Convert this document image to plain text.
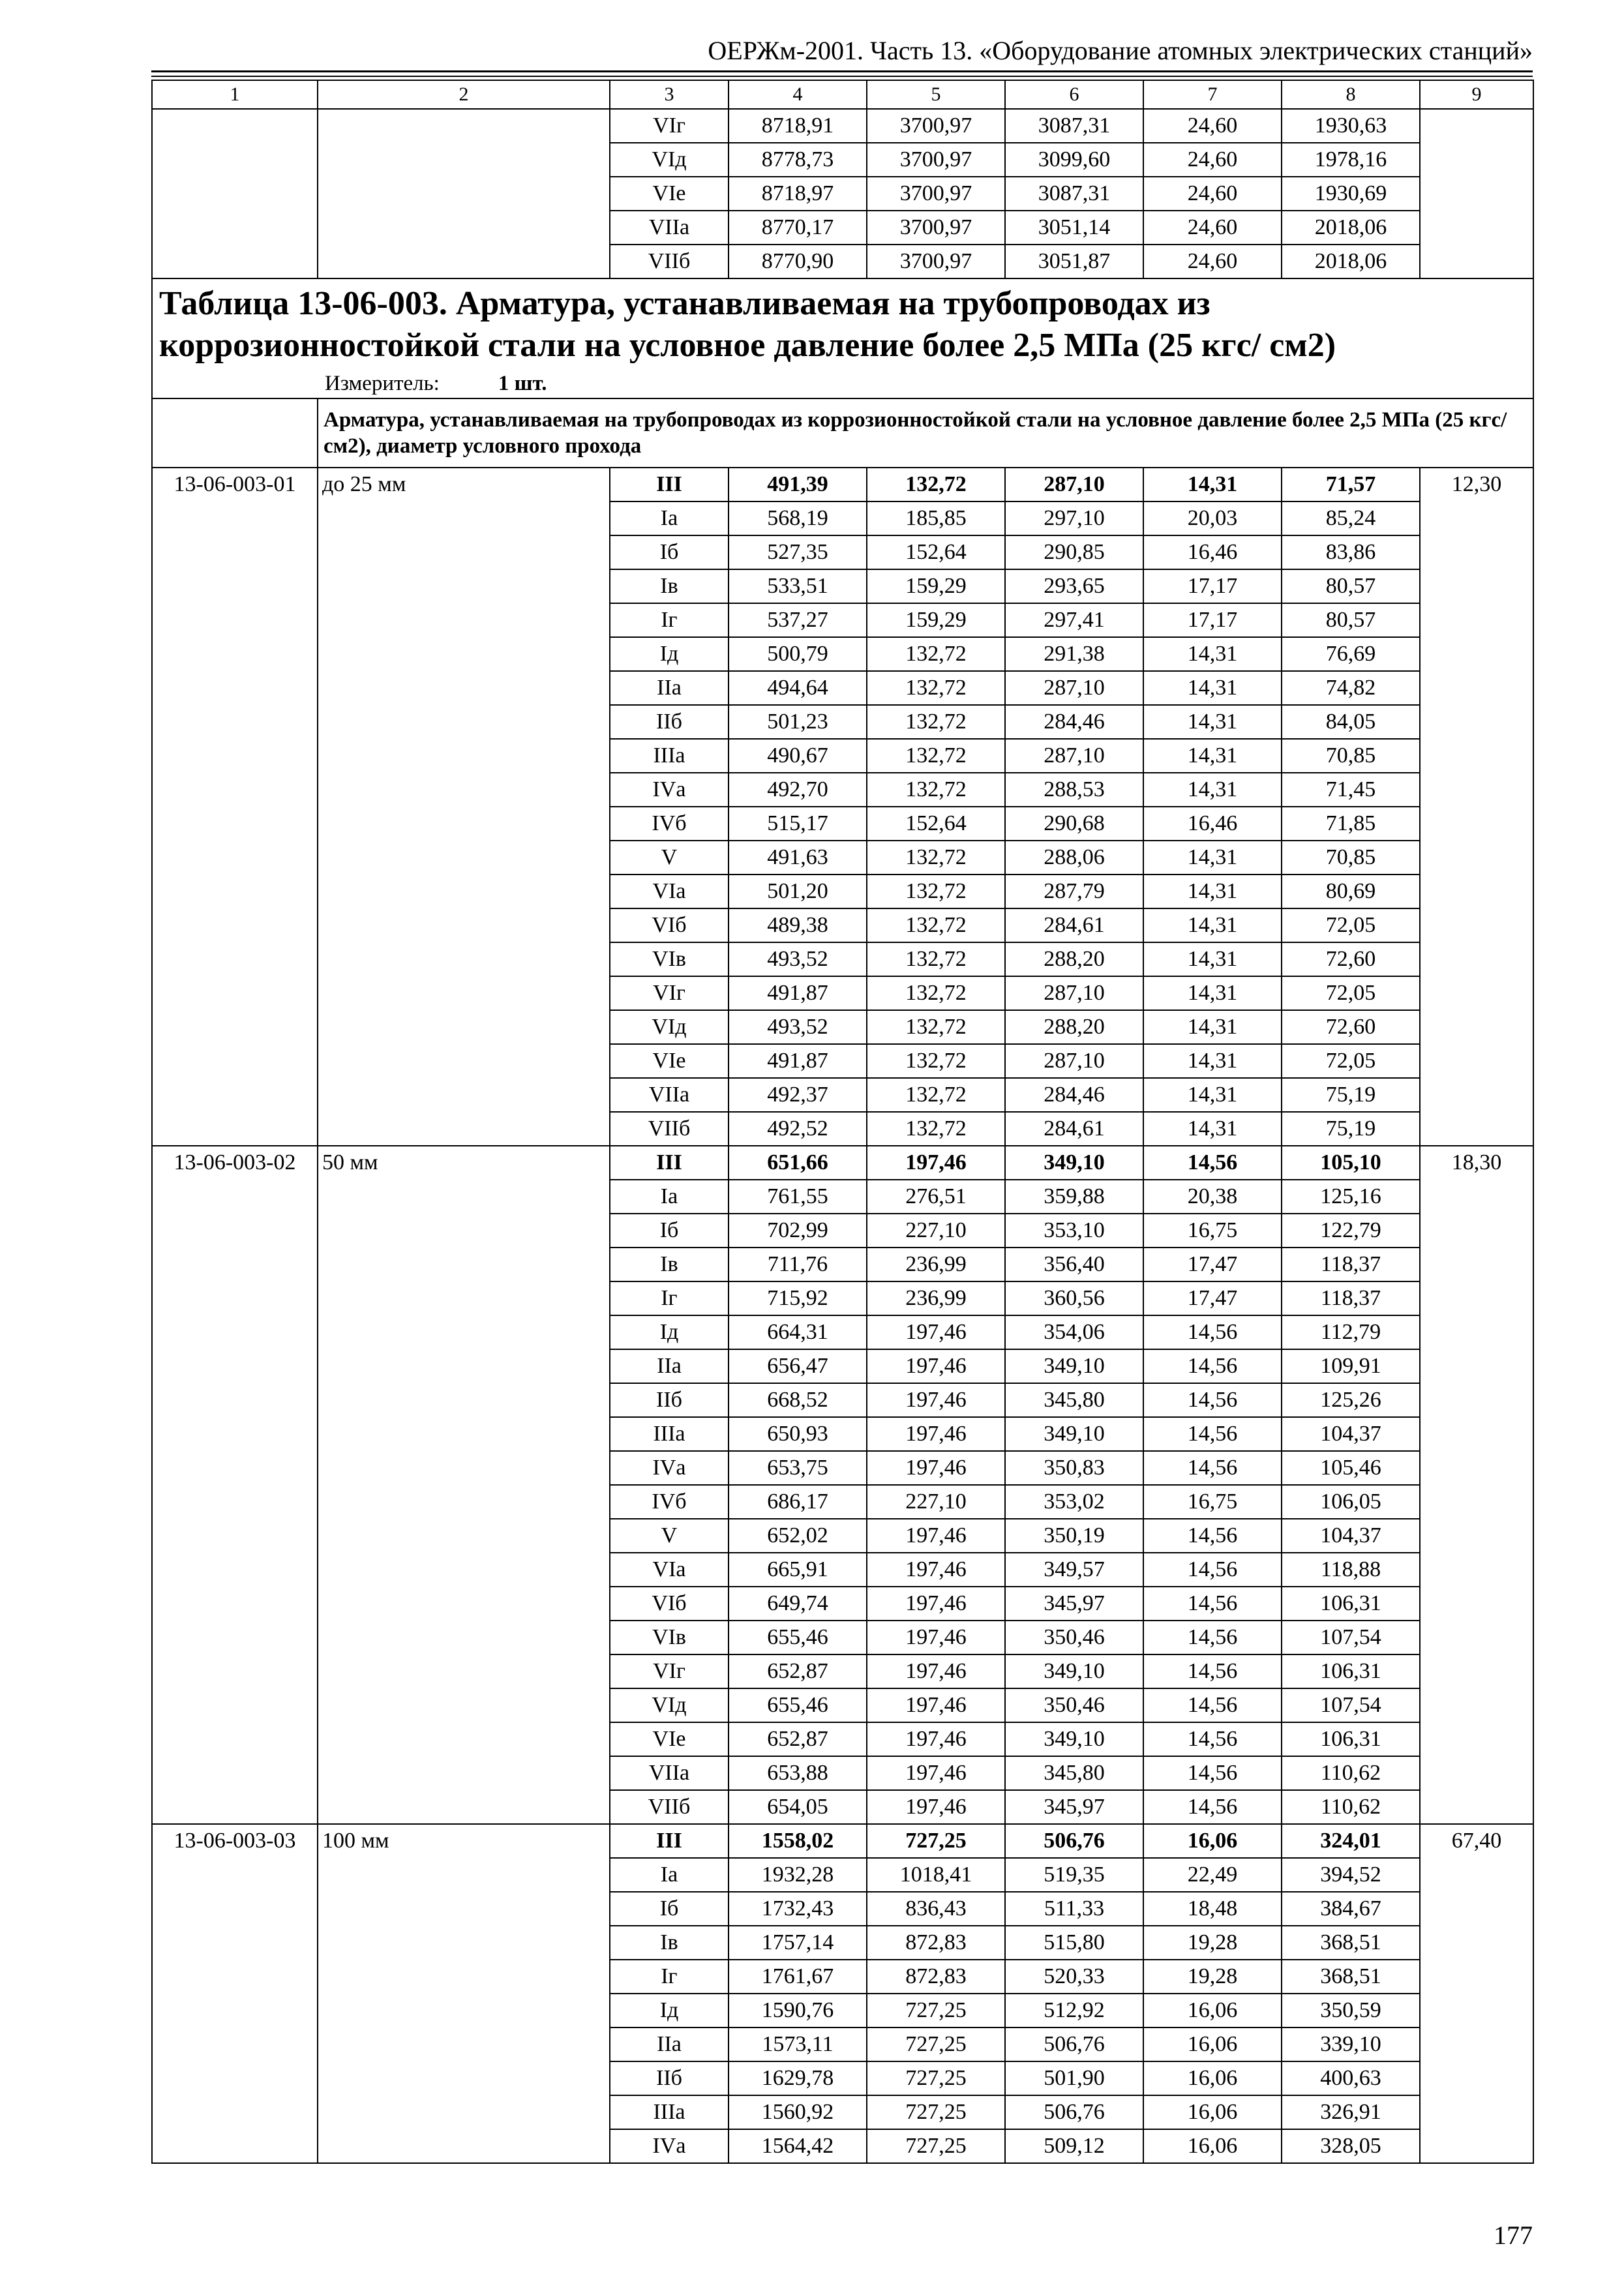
ОЕРЖм-2001. Часть 13. «Оборудование атомных электрических станций»
1	2	3	4	5	6	7	8	9
		VIг	8718,91	3700,97	3087,31	24,60	1930,63	
		VIд	8778,73	3700,97	3099,60	24,60	1978,16	
		VIе	8718,97	3700,97	3087,31	24,60	1930,69	
		VIIа	8770,17	3700,97	3051,14	24,60	2018,06	
		VIIб	8770,90	3700,97	3051,87	24,60	2018,06	
Таблица 13-06-003. Арматура, устанавливаемая на трубопроводах из коррозионностойкой стали на условное давление более 2,5 МПа (25 кгс/ см2)								
Измеритель: 1 шт.								
	Арматура, устанавливаемая на трубопроводах из коррозионностойкой стали на условное давление более 2,5 МПа (25 кгс/ см2), диаметр условного прохода							
13-06-003-01	до 25 мм	III	491,39	132,72	287,10	14,31	71,57	12,30
		Iа	568,19	185,85	297,10	20,03	85,24	
		Iб	527,35	152,64	290,85	16,46	83,86	
		Iв	533,51	159,29	293,65	17,17	80,57	
		Iг	537,27	159,29	297,41	17,17	80,57	
		Iд	500,79	132,72	291,38	14,31	76,69	
		IIа	494,64	132,72	287,10	14,31	74,82	
		IIб	501,23	132,72	284,46	14,31	84,05	
		IIIа	490,67	132,72	287,10	14,31	70,85	
		IVа	492,70	132,72	288,53	14,31	71,45	
		IVб	515,17	152,64	290,68	16,46	71,85	
		V	491,63	132,72	288,06	14,31	70,85	
		VIа	501,20	132,72	287,79	14,31	80,69	
		VIб	489,38	132,72	284,61	14,31	72,05	
		VIв	493,52	132,72	288,20	14,31	72,60	
		VIг	491,87	132,72	287,10	14,31	72,05	
		VIд	493,52	132,72	288,20	14,31	72,60	
		VIе	491,87	132,72	287,10	14,31	72,05	
		VIIа	492,37	132,72	284,46	14,31	75,19	
		VIIб	492,52	132,72	284,61	14,31	75,19	
13-06-003-02	50 мм	III	651,66	197,46	349,10	14,56	105,10	18,30
		Iа	761,55	276,51	359,88	20,38	125,16	
		Iб	702,99	227,10	353,10	16,75	122,79	
		Iв	711,76	236,99	356,40	17,47	118,37	
		Iг	715,92	236,99	360,56	17,47	118,37	
		Iд	664,31	197,46	354,06	14,56	112,79	
		IIа	656,47	197,46	349,10	14,56	109,91	
		IIб	668,52	197,46	345,80	14,56	125,26	
		IIIа	650,93	197,46	349,10	14,56	104,37	
		IVа	653,75	197,46	350,83	14,56	105,46	
		IVб	686,17	227,10	353,02	16,75	106,05	
		V	652,02	197,46	350,19	14,56	104,37	
		VIа	665,91	197,46	349,57	14,56	118,88	
		VIб	649,74	197,46	345,97	14,56	106,31	
		VIв	655,46	197,46	350,46	14,56	107,54	
		VIг	652,87	197,46	349,10	14,56	106,31	
		VIд	655,46	197,46	350,46	14,56	107,54	
		VIе	652,87	197,46	349,10	14,56	106,31	
		VIIа	653,88	197,46	345,80	14,56	110,62	
		VIIб	654,05	197,46	345,97	14,56	110,62	
13-06-003-03	100 мм	III	1558,02	727,25	506,76	16,06	324,01	67,40
		Iа	1932,28	1018,41	519,35	22,49	394,52	
		Iб	1732,43	836,43	511,33	18,48	384,67	
		Iв	1757,14	872,83	515,80	19,28	368,51	
		Iг	1761,67	872,83	520,33	19,28	368,51	
		Iд	1590,76	727,25	512,92	16,06	350,59	
		IIа	1573,11	727,25	506,76	16,06	339,10	
		IIб	1629,78	727,25	501,90	16,06	400,63	
		IIIа	1560,92	727,25	506,76	16,06	326,91	
		IVа	1564,42	727,25	509,12	16,06	328,05	
177
